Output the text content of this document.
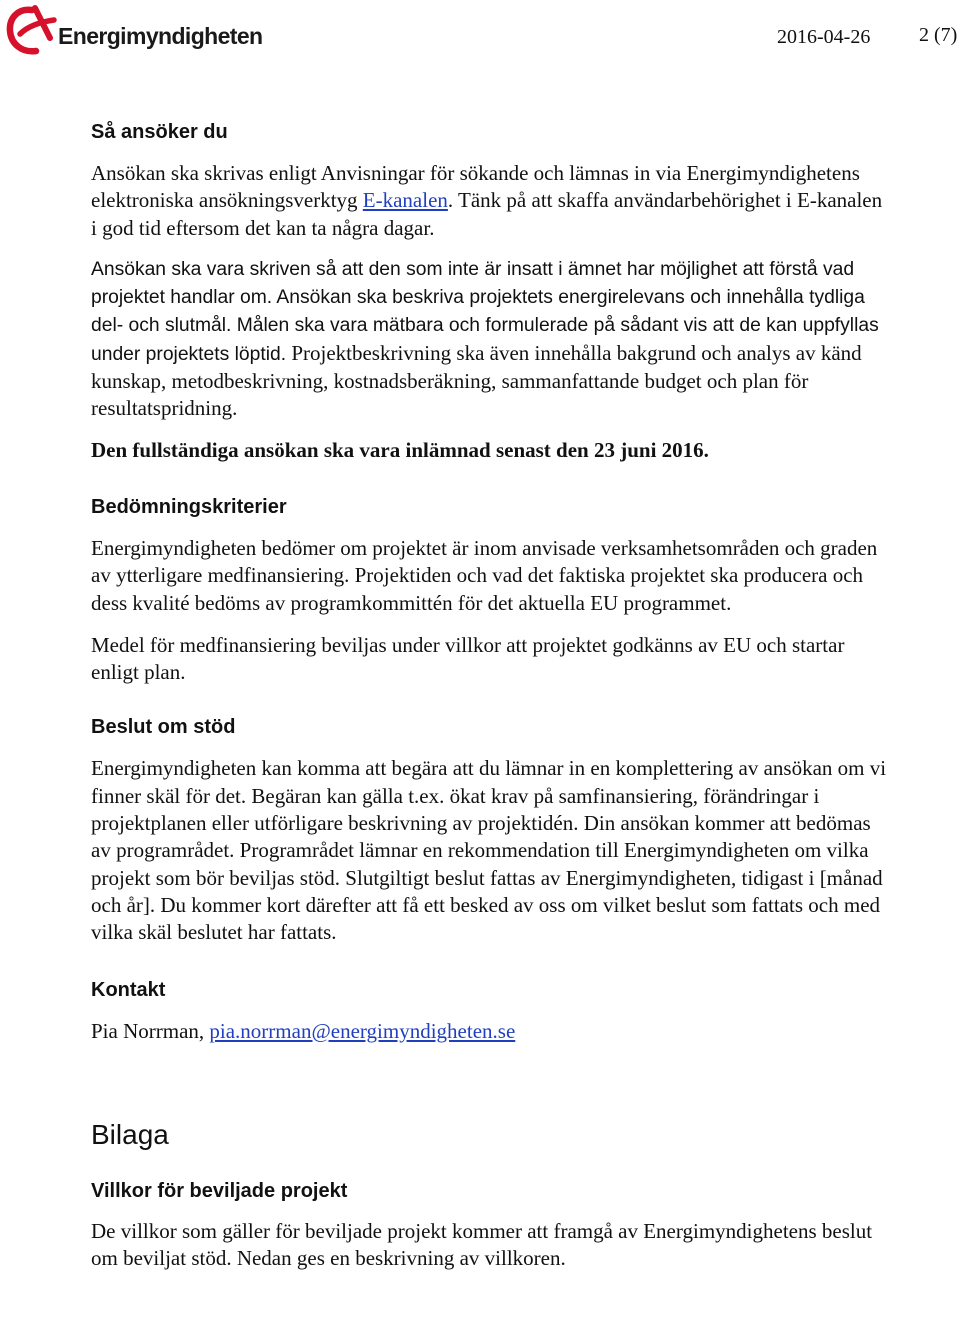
Energimyndigheten	2016-04-26 2 (7)
Så ansöker du

Ansökan ska skrivas enligt Anvisningar för sökande och lämnas in via Energimyndighetens elektroniska ansökningsverktyg E-kanalen. Tänk på att skaffa användarbehörighet i E-kanalen i god tid eftersom det kan ta några dagar.

Ansökan ska vara skriven så att den som inte är insatt i ämnet har möjlighet att förstå vad projektet handlar om. Ansökan ska beskriva projektets energirelevans och innehålla tydliga del- och slutmål. Målen ska vara mätbara och formulerade på sådant vis att de kan uppfyllas under projektets löptid. Projektbeskrivning ska även innehålla bakgrund och analys av känd kunskap, metodbeskrivning, kostnadsberäkning, sammanfattande budget och plan för resultatspridning.

Den fullständiga ansökan ska vara inlämnad senast den 23 juni 2016.

Bedömningskriterier

Energimyndigheten bedömer om projektet är inom anvisade verksamhetsområden och graden av ytterligare medfinansiering. Projektiden och vad det faktiska projektet ska producera och dess kvalité bedöms av programkommittén för det aktuella EU programmet.

Medel för medfinansiering beviljas under villkor att projektet godkänns av EU och startar enligt plan.

Beslut om stöd

Energimyndigheten kan komma att begära att du lämnar in en komplettering av ansökan om vi finner skäl för det. Begäran kan gälla t.ex. ökat krav på samfinansiering, förändringar i projektplanen eller utförligare beskrivning av projektidén. Din ansökan kommer att bedömas av programrådet. Programrådet lämnar en rekommendation till Energimyndigheten om vilka projekt som bör beviljas stöd. Slutgiltigt beslut fattas av Energimyndigheten, tidigast i [månad och år]. Du kommer kort därefter att få ett besked av oss om vilket beslut som fattats och med vilka skäl beslutet har fattats.

Kontakt

Pia Norrman, pia.norrman@energimyndigheten.se

Bilaga
Villkor för beviljade projekt

De villkor som gäller för beviljade projekt kommer att framgå av Energimyndighetens beslut om beviljat stöd. Nedan ges en beskrivning av villkoren.
